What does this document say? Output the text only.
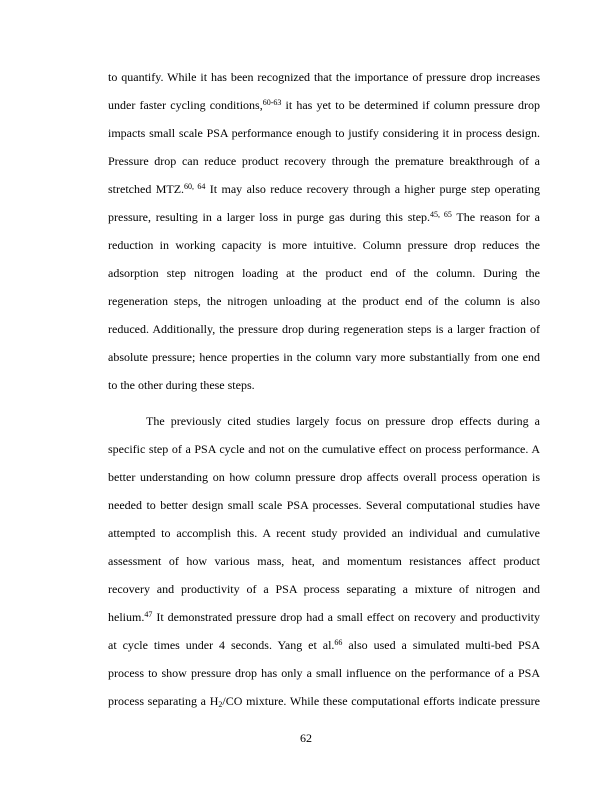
to quantify. While it has been recognized that the importance of pressure drop increases
under faster cycling conditions,$^{60-63}$ it has yet to be determined if column pressure drop
impacts small scale PSA performance enough to justify considering it in process design.
Pressure drop can reduce product recovery through the premature breakthrough of a
stretched MTZ.$^{60, 64}$ It may also reduce recovery through a higher purge step operating
pressure, resulting in a larger loss in purge gas during this step.$^{45, 65}$ The reason for a
reduction in working capacity is more intuitive. Column pressure drop reduces the
adsorption step nitrogen loading at the product end of the column. During the
regeneration steps, the nitrogen unloading at the product end of the column is also
reduced. Additionally, the pressure drop during regeneration steps is a larger fraction of
absolute pressure; hence properties in the column vary more substantially from one end
to the other during these steps.
The previously cited studies largely focus on pressure drop effects during a
specific step of a PSA cycle and not on the cumulative effect on process performance. A
better understanding on how column pressure drop affects overall process operation is
needed to better design small scale PSA processes. Several computational studies have
attempted to accomplish this. A recent study provided an individual and cumulative
assessment of how various mass, heat, and momentum resistances affect product
recovery and productivity of a PSA process separating a mixture of nitrogen and
helium.$^{47}$ It demonstrated pressure drop had a small effect on recovery and productivity
at cycle times under 4 seconds. Yang et al.$^{66}$ also used a simulated multi-bed PSA
process to show pressure drop has only a small influence on the performance of a PSA
process separating a $H_2/CO$ mixture. While these computational efforts indicate pressure
62
